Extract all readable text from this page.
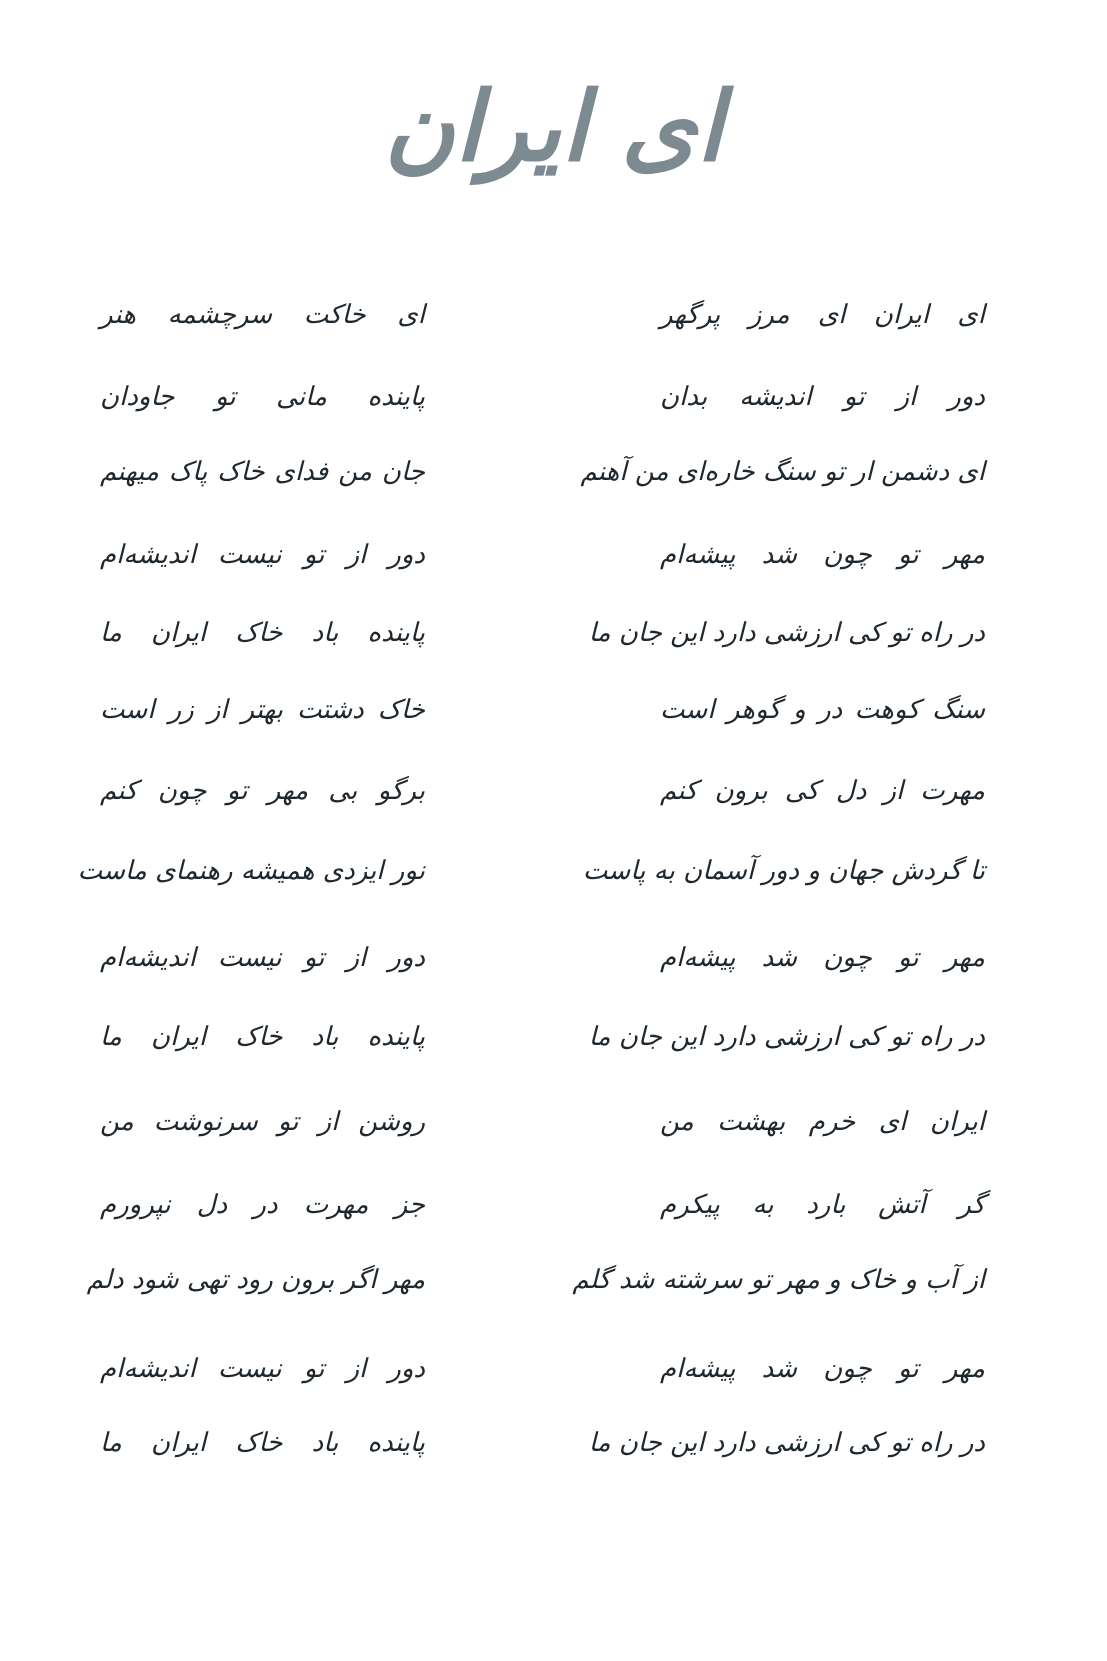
ای ایران
ای ایران ای مرز پرگهر
ای خاکت سرچشمه هنر
دور از تو اندیشه بدان
پاینده مانی تو جاودان
ای دشمن ار تو سنگ خاره‌ای من آهنم
جان من فدای خاک پاک میهنم
مهر تو چون شد پیشه‌ام
دور از تو نیست اندیشه‌ام
در راه تو کی ارزشی دارد این جان ما
پاینده باد خاک ایران ما
سنگ کوهت در و گوهر است
خاک دشتت بهتر از زر است
مهرت از دل کی برون کنم
برگو بی مهر تو چون کنم
تا گردش جهان و دور آسمان به پاست
نور ایزدی همیشه رهنمای ماست
مهر تو چون شد پیشه‌ام
دور از تو نیست اندیشه‌ام
در راه تو کی ارزشی دارد این جان ما
پاینده باد خاک ایران ما
ایران ای خرم بهشت من
روشن از تو سرنوشت من
گر آتش بارد به پیکرم
جز مهرت در دل نپرورم
از آب و خاک و مهر تو سرشته شد گلم
مهر اگر برون رود تهی شود دلم
مهر تو چون شد پیشه‌ام
دور از تو نیست اندیشه‌ام
در راه تو کی ارزشی دارد این جان ما
پاینده باد خاک ایران ما
